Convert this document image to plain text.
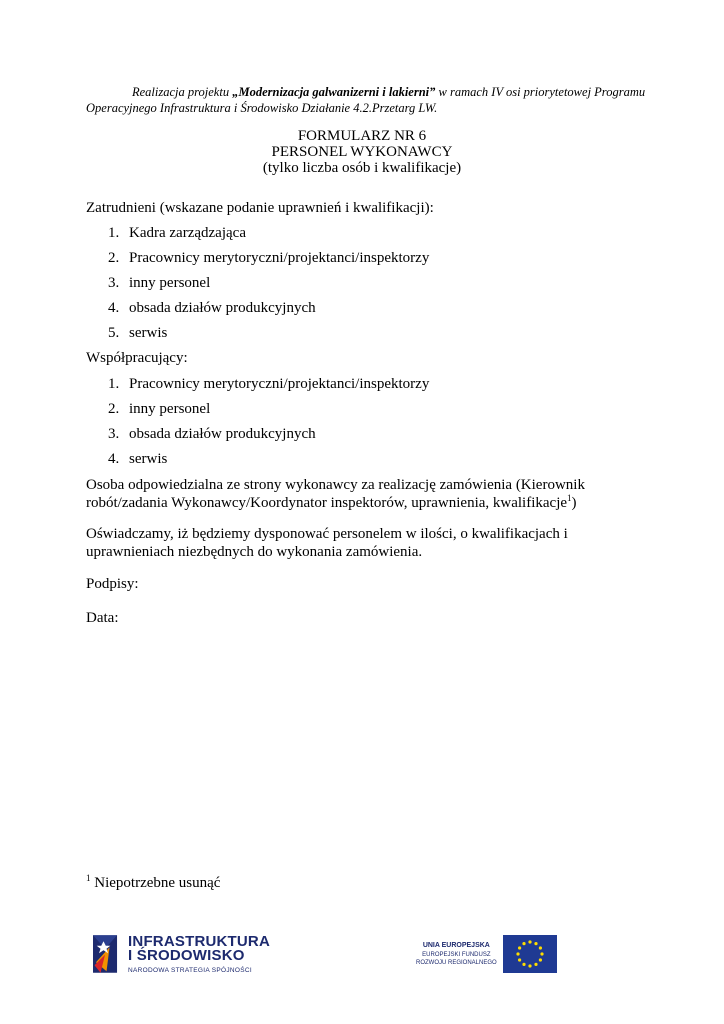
Realizacja projektu „Modernizacja galwanizerni i lakierni” w ramach IV osi priorytetowej Programu
Operacyjnego Infrastruktura i Środowisko Działanie 4.2.Przetarg LW.
FORMULARZ NR 6
PERSONEL WYKONAWCY
(tylko liczba osób i kwalifikacje)
Zatrudnieni (wskazane podanie uprawnień i kwalifikacji):
1. Kadra zarządzająca
2. Pracownicy merytoryczni/projektanci/inspektorzy
3. inny personel
4. obsada działów produkcyjnych
5. serwis
Współpracujący:
1. Pracownicy merytoryczni/projektanci/inspektorzy
2. inny personel
3. obsada działów produkcyjnych
4. serwis
Osoba odpowiedzialna ze strony wykonawcy za realizację zamówienia (Kierownik
robót/zadania Wykonawcy/Koordynator inspektorów, uprawnienia, kwalifikacje$^1$)
Oświadczamy, iż będziemy dysponować personelem w ilości, o kwalifikacjach i
uprawnieniach niezbędnych do wykonania zamówienia.
Podpisy:
Data:
$^1$ Niepotrzebne usunąć
INFRASTRUKTURA
I ŚRODOWISKO
NARODOWA STRATEGIA SPÓJNOŚCI
UNIA EUROPEJSKA
EUROPEJSKI FUNDUSZ
ROZWOJU REGIONALNEGO
